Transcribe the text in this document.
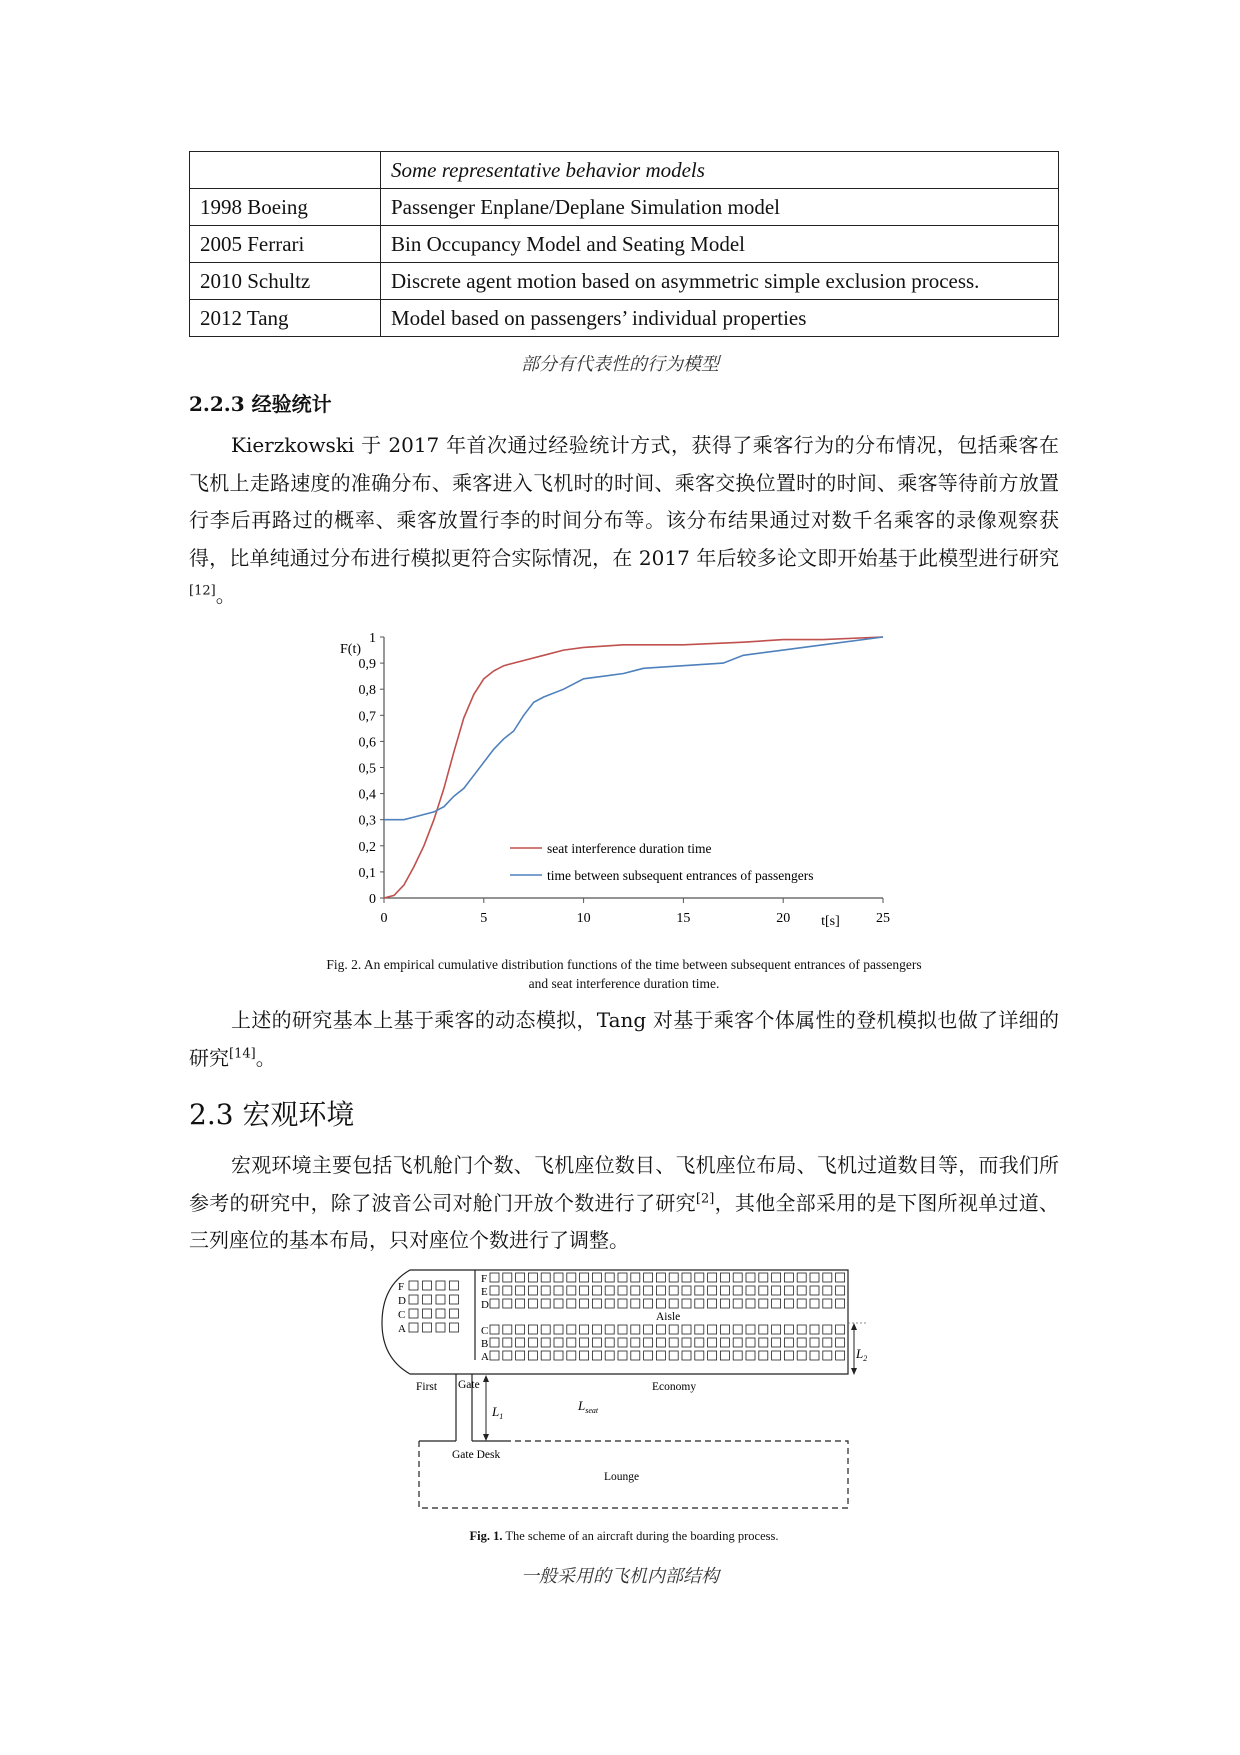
	Some representative behavior models
1998 Boeing	Passenger Enplane/Deplane Simulation model
2005 Ferrari	Bin Occupancy Model and Seating Model
2010 Schultz	Discrete agent motion based on asymmetric simple exclusion process.
2012 Tang	Model based on passengers’ individual properties
部分有代表性的行为模型
2.2.3 经验统计
Kierzkowski 于 2017 年首次通过经验统计方式，获得了乘客行为的分布情况，包括乘客在飞机上走路速度的准确分布、乘客进入飞机时的时间、乘客交换位置时的时间、乘客等待前方放置行李后再路过的概率、乘客放置行李的时间分布等。该分布结果通过对数千名乘客的录像观察获得，比单纯通过分布进行模拟更符合实际情况，在 2017 年后较多论文即开始基于此模型进行研究[12]。
0
0,1
0,2
0,3
0,4
0,5
0,6
0,7
0,8
0,9
1
0	5	10	15	20	25
seat interference duration time
time between subsequent entrances of passengers
F(t)
t[s]
Fig. 2. An empirical cumulative distribution functions of the time between subsequent entrances of passengers
and seat interference duration time.
上述的研究基本上基于乘客的动态模拟，Tang 对基于乘客个体属性的登机模拟也做了详细的研究[14]。
2.3 宏观环境
宏观环境主要包括飞机舱门个数、飞机座位数目、飞机座位布局、飞机过道数目等，而我们所参考的研究中，除了波音公司对舱门开放个数进行了研究[2]，其他全部采用的是下图所视单过道、三列座位的基本布局，只对座位个数进行了调整。
F
D
C
A
F
E
D
C
B
A
Aisle
First Gate	Economy
Gate Desk
Lounge
$L_1$
$L_2$
$L_{seat}$
Fig. 1. The scheme of an aircraft during the boarding process.
一般采用的飞机内部结构
